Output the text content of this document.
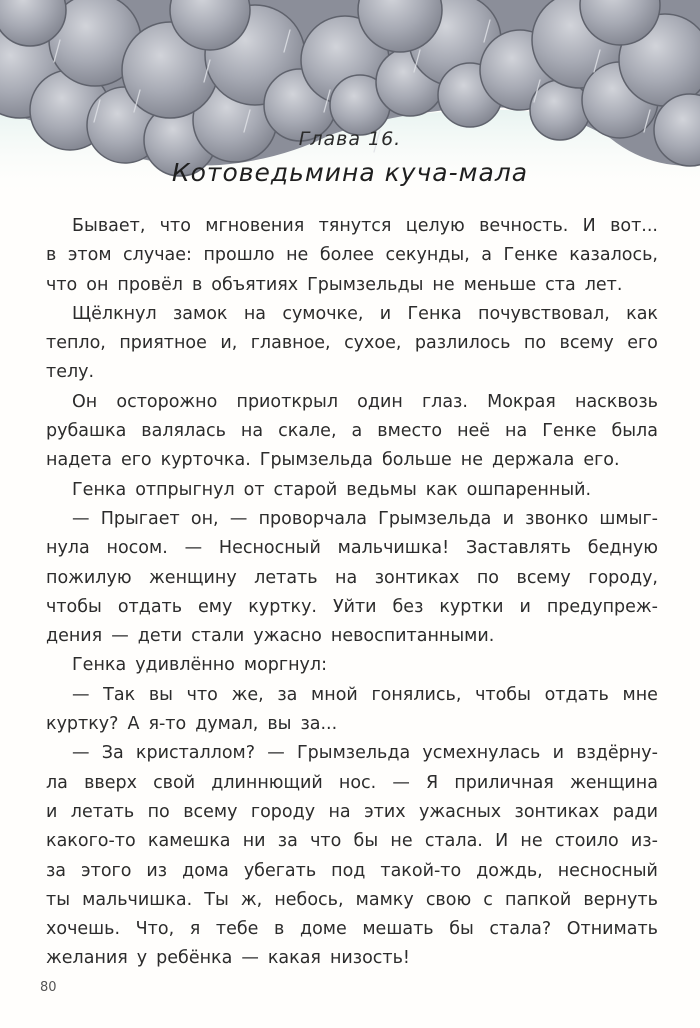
Глава 16.
Котоведьмина куча-мала
Бывает, что мгновения тянутся целую вечность. И вот...
в этом случае: прошло не более секунды, а Генке казалось,
что он провёл в объятиях Грымзельды не меньше ста лет.
Щёлкнул замок на сумочке, и Генка почувствовал, как
тепло, приятное и, главное, сухое, разлилось по всему его
телу.
Он осторожно приоткрыл один глаз. Мокрая насквозь
рубашка валялась на скале, а вместо неё на Генке была
надета его курточка. Грымзельда больше не держала его.
Генка отпрыгнул от старой ведьмы как ошпаренный.
— Прыгает он, — проворчала Грымзельда и звонко шмыг-
нула носом. — Несносный мальчишка! Заставлять бедную
пожилую женщину летать на зонтиках по всему городу,
чтобы отдать ему куртку. Уйти без куртки и предупреж-
дения — дети стали ужасно невоспитанными.
Генка удивлённо моргнул:
— Так вы что же, за мной гонялись, чтобы отдать мне
куртку? А я-то думал, вы за...
— За кристаллом? — Грымзельда усмехнулась и вздёрну-
ла вверх свой длиннющий нос. — Я приличная женщина
и летать по всему городу на этих ужасных зонтиках ради
какого-то камешка ни за что бы не стала. И не стоило из-
за этого из дома убегать под такой-то дождь, несносный
ты мальчишка. Ты ж, небось, мамку свою с папкой вернуть
хочешь. Что, я тебе в доме мешать бы стала? Отнимать
желания у ребёнка — какая низость!
80
